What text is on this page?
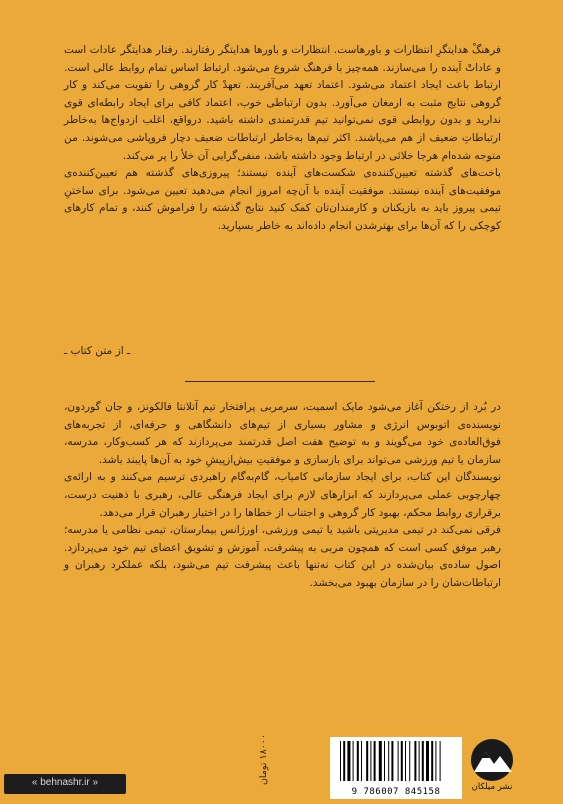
فرهنگْ هدایتگرِ انتظارات و باورهاست. انتظارات و باورها هدایتگر رفتارند. رفتار هدایتگر عادات است و عاداتْ آینده را می‌سازند. همه‌چیز با فرهنگ شروع می‌شود. ارتباط اساس تمام روابط عالی است. ارتباط باعث ایجاد اعتماد می‌شود. اعتماد تعهد می‌آفریند. تعهدْ کار گروهی را تقویت می‌کند و کار گروهی نتایج مثبت به ارمغان می‌آورد. بدون ارتباطی خوب، اعتماد کافی برای ایجاد رابطه‌ای قوی ندارید و بدون روابطی قوی نمی‌توانید تیم قدرتمندی داشته باشید. درواقع، اغلب ازدواج‌ها به‌خاطر ارتباطاتِ ضعیف از هم می‌پاشند. اکثر تیم‌ها به‌خاطر ارتباطات ضعیف دچار فروپاشی می‌شوند. من متوجه شده‌ام هرجا خلائی در ارتباط وجود داشته باشد، منفی‌گرایی آن خلأ را پر می‌کند.

باخت‌های گذشته تعیین‌کننده‌ی شکست‌های آینده نیستند؛ پیروزی‌های گذشته هم تعیین‌کننده‌ی موفقیت‌های آینده نیستند. موفقیت آینده با آن‌چه امروز انجام می‌دهید تعیین می‌شود. برای ساختنِ تیمی پیروز باید به بازیکنان و کارمندان‌تان کمک کنید نتایج گذشته را فراموش کنند، و تمام کارهای کوچکی را که آن‌ها برای بهترشدن انجام داده‌اند به خاطر بسپارید.

ـ از متن کتاب ـ

در بُرد از رختکن آغاز می‌شود مایک اسمیت، سرمربی پرافتخار تیم آتلانتا فالکونز، و جان گوردون، نویسنده‌ی اتوبوس انرژی و مشاور بسیاری از تیم‌های دانشگاهی و حرفه‌ای، از تجربه‌های فوق‌العاده‌ی خود می‌گویند و به توضیح هفت اصل قدرتمند می‌پردازند که هر کسب‌وکار، مدرسه، سازمان یا تیم ورزشی می‌تواند برای بازسازی و موفقیتِ بیش‌ازپیشِ خود به آن‌ها پایبند باشد.

نویسندگان این کتاب، برای ایجاد سازمانی کامیاب، گام‌به‌گام راهبردی ترسیم می‌کنند و به ارائه‌ی چهارچوبی عملی می‌پردازند که ابزارهای لازم برای ایجاد فرهنگی عالی، رهبری با ذهنیت درست، برقراری روابط محکم، بهبود کار گروهی و اجتناب از خطاها را در اختیار رهبران قرار می‌دهد.

فرقی نمی‌کند در تیمی مدیریتی باشید یا تیمی ورزشی، اورژانس بیمارستان، تیمی نظامی یا مدرسه؛ رهبر موفق کسی است که همچون مربی به پیشرفت، آموزش و تشویق اعضای تیم خود می‌پردازد. اصول ساده‌ی بیان‌شده در این کتاب نه‌تنها باعث پیشرفت تیم می‌شود، بلکه عملکرد رهبران و ارتباطات‌شان را در سازمان بهبود می‌بخشد.

۱۸۰۰۰ تومان
9 786007 845158	نشر میلکان
« behnashr.ir »
